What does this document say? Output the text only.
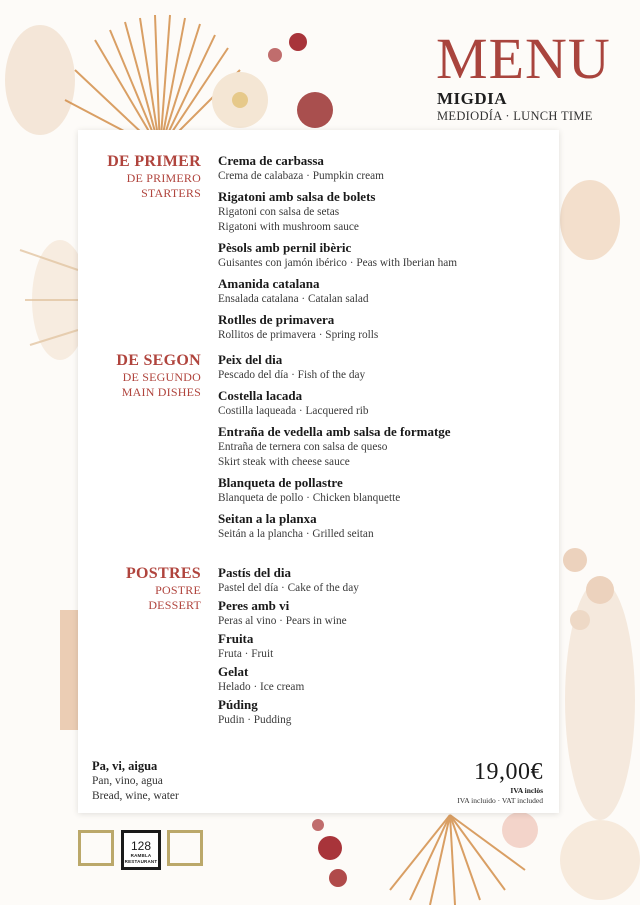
MENU
MIGDIA
MEDIODÍA · LUNCH TIME
DE PRIMER
DE PRIMERO
STARTERS
Crema de carbassa
Crema de calabaza · Pumpkin cream
Rigatoni amb salsa de bolets
Rigatoni con salsa de setas
Rigatoni with mushroom sauce
Pèsols amb pernil ibèric
Guisantes con jamón ibérico · Peas with Iberian ham
Amanida catalana
Ensalada catalana · Catalan salad
Rotlles de primavera
Rollitos de primavera · Spring rolls
DE SEGON
DE SEGUNDO
MAIN DISHES
Peix del dia
Pescado del día · Fish of the day
Costella lacada
Costilla laqueada · Lacquered rib
Entraña de vedella amb salsa de formatge
Entraña de ternera con salsa de queso
Skirt steak with cheese sauce
Blanqueta de pollastre
Blanqueta de pollo · Chicken blanquette
Seitan a la planxa
Seitán a la plancha · Grilled seitan
POSTRES
POSTRE
DESSERT
Pastís del dia
Pastel del día · Cake of the day
Peres amb vi
Peras al vino · Pears in wine
Fruita
Fruta · Fruit
Gelat
Helado · Ice cream
Púding
Pudin · Pudding
Pa, vi, aigua
Pan, vino, agua
Bread, wine, water
19,00€
IVA inclòs
IVA incluido · VAT included
128
RAMBLA RESTAURANT
